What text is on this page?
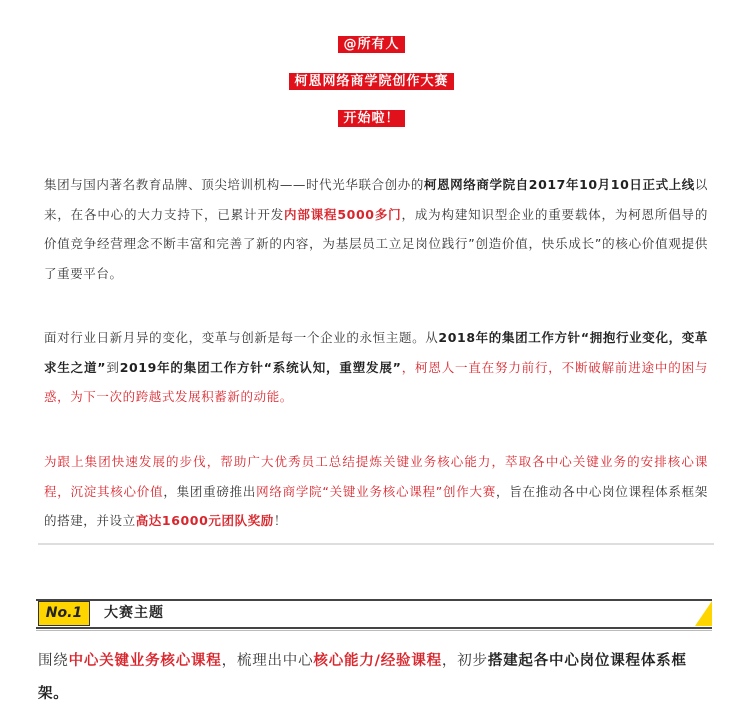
@所有人
柯恩网络商学院创作大赛
开始啦！

集团与国内著名教育品牌、顶尖培训机构——时代光华联合创办的柯恩网络商学院自2017年10月10日正式上线以来，在各中心的大力支持下，已累计开发内部课程5000多门，成为构建知识型企业的重要载体，为柯恩所倡导的价值竞争经营理念不断丰富和完善了新的内容，为基层员工立足岗位践行”创造价值，快乐成长”的核心价值观提供了重要平台。

面对行业日新月异的变化，变革与创新是每一个企业的永恒主题。从2018年的集团工作方针“拥抱行业变化，变革求生之道”到2019年的集团工作方针“系统认知，重塑发展”，柯恩人一直在努力前行，不断破解前进途中的困与惑，为下一次的跨越式发展积蓄新的动能。

为跟上集团快速发展的步伐，帮助广大优秀员工总结提炼关键业务核心能力，萃取各中心关键业务的安排核心课程，沉淀其核心价值，集团重磅推出网络商学院“关键业务核心课程”创作大赛，旨在推动各中心岗位课程体系框架的搭建，并设立高达16000元团队奖励！

No.1	大赛主题

围绕中心关键业务核心课程，梳理出中心核心能力/经验课程，初步搭建起各中心岗位课程体系框架。
